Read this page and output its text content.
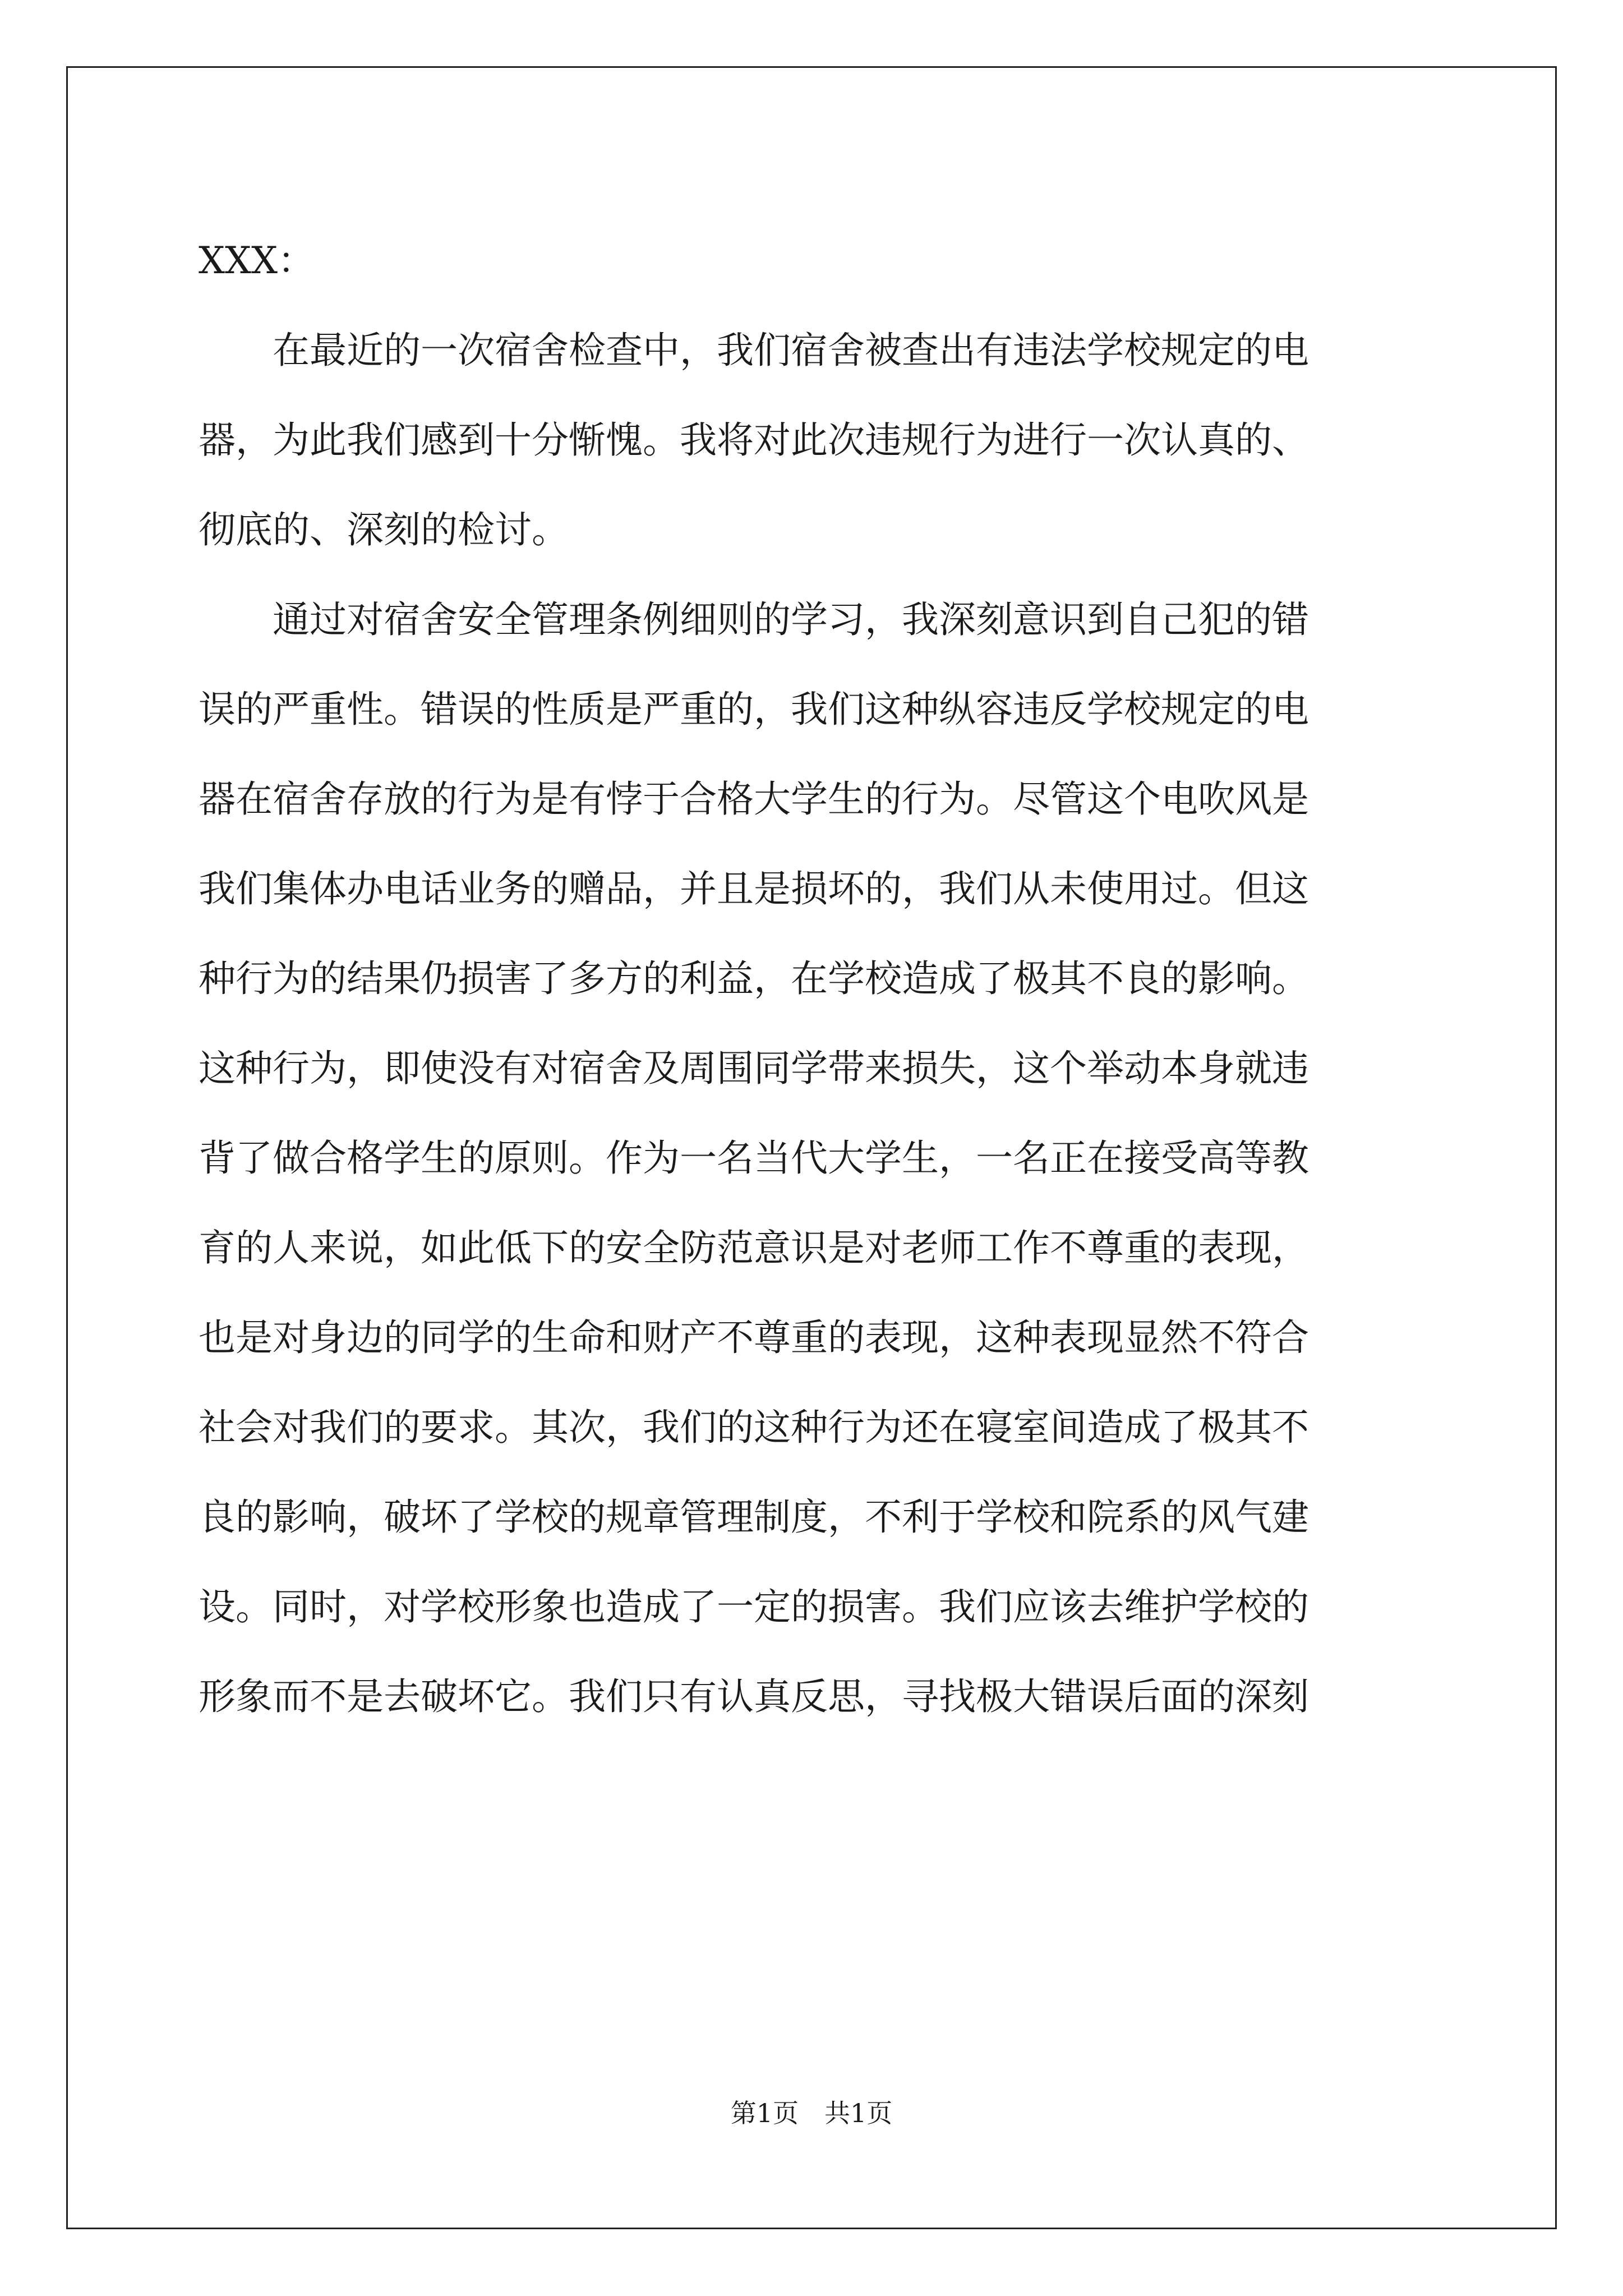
XXX：
　　在最近的一次宿舍检查中，我们宿舍被查出有违法学校规定的电
器，为此我们感到十分惭愧。我将对此次违规行为进行一次认真的、
彻底的、深刻的检讨。
　　通过对宿舍安全管理条例细则的学习，我深刻意识到自己犯的错
误的严重性。错误的性质是严重的，我们这种纵容违反学校规定的电
器在宿舍存放的行为是有悖于合格大学生的行为。尽管这个电吹风是
我们集体办电话业务的赠品，并且是损坏的，我们从未使用过。但这
种行为的结果仍损害了多方的利益，在学校造成了极其不良的影响。
这种行为，即使没有对宿舍及周围同学带来损失，这个举动本身就违
背了做合格学生的原则。作为一名当代大学生，一名正在接受高等教
育的人来说，如此低下的安全防范意识是对老师工作不尊重的表现，
也是对身边的同学的生命和财产不尊重的表现，这种表现显然不符合
社会对我们的要求。其次，我们的这种行为还在寝室间造成了极其不
良的影响，破坏了学校的规章管理制度，不利于学校和院系的风气建
设。同时，对学校形象也造成了一定的损害。我们应该去维护学校的
形象而不是去破坏它。我们只有认真反思，寻找极大错误后面的深刻
第1页　共1页
